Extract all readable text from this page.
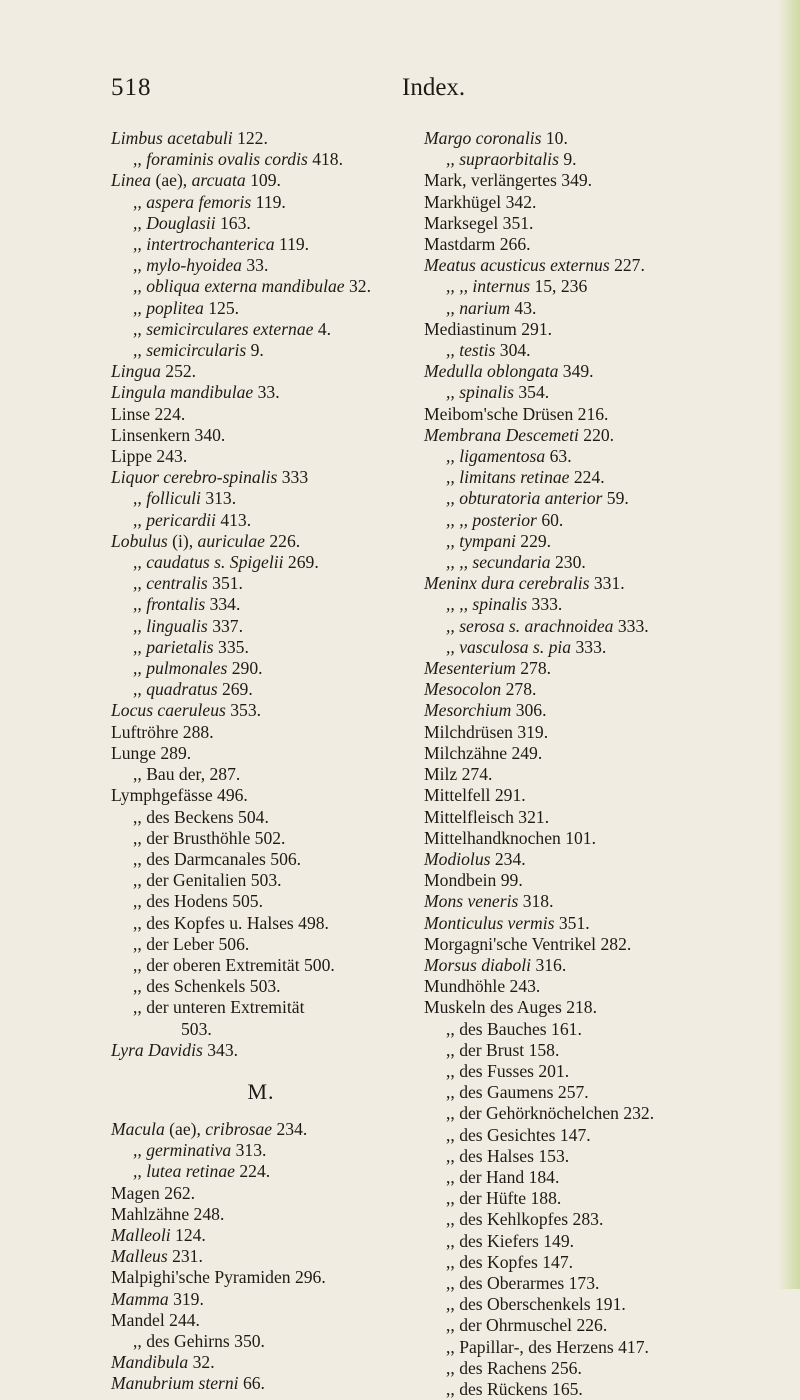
518	Index.
Limbus acetabuli 122.
,, foraminis ovalis cordis 418.
Linea (ae), arcuata 109.
,, aspera femoris 119.
,, Douglasii 163.
,, intertrochanterica 119.
,, mylo-hyoidea 33.
,, obliqua externa mandibulae 32.
,, poplitea 125.
,, semicirculares externae 4.
,, semicircularis 9.
Lingua 252.
Lingula mandibulae 33.
Linse 224.
Linsenkern 340.
Lippe 243.
Liquor cerebro-spinalis 333
,, folliculi 313.
,, pericardii 413.
Lobulus (i), auriculae 226.
,, caudatus s. Spigelii 269.
,, centralis 351.
,, frontalis 334.
,, lingualis 337.
,, parietalis 335.
,, pulmonales 290.
,, quadratus 269.
Locus caeruleus 353.
Luftröhre 288.
Lunge 289.
,, Bau der, 287.
Lymphgefässe 496.
,, des Beckens 504.
,, der Brusthöhle 502.
,, des Darmcanales 506.
,, der Genitalien 503.
,, des Hodens 505.
,, des Kopfes u. Halses 498.
,, der Leber 506.
,, der oberen Extremität 500.
,, des Schenkels 503.
,, der unteren Extremität
503.
Lyra Davidis 343.
M.
Macula (ae), cribrosae 234.
,, germinativa 313.
,, lutea retinae 224.
Magen 262.
Mahlzähne 248.
Malleoli 124.
Malleus 231.
Malpighi'sche Pyramiden 296.
Mamma 319.
Mandel 244.
,, des Gehirns 350.
Mandibula 32.
Manubrium sterni 66.
Margo coronalis 10.
,, supraorbitalis 9.
Mark, verlängertes 349.
Markhügel 342.
Marksegel 351.
Mastdarm 266.
Meatus acusticus externus 227.
,, ,, internus 15, 236
,, narium 43.
Mediastinum 291.
,, testis 304.
Medulla oblongata 349.
,, spinalis 354.
Meibom'sche Drüsen 216.
Membrana Descemeti 220.
,, ligamentosa 63.
,, limitans retinae 224.
,, obturatoria anterior 59.
,, ,, posterior 60.
,, tympani 229.
,, ,, secundaria 230.
Meninx dura cerebralis 331.
,, ,, spinalis 333.
,, serosa s. arachnoidea 333.
,, vasculosa s. pia 333.
Mesenterium 278.
Mesocolon 278.
Mesorchium 306.
Milchdrüsen 319.
Milchzähne 249.
Milz 274.
Mittelfell 291.
Mittelfleisch 321.
Mittelhandknochen 101.
Modiolus 234.
Mondbein 99.
Mons veneris 318.
Monticulus vermis 351.
Morgagni'sche Ventrikel 282.
Morsus diaboli 316.
Mundhöhle 243.
Muskeln des Auges 218.
,, des Bauches 161.
,, der Brust 158.
,, des Fusses 201.
,, des Gaumens 257.
,, der Gehörknöchelchen 232.
,, des Gesichtes 147.
,, des Halses 153.
,, der Hand 184.
,, der Hüfte 188.
,, des Kehlkopfes 283.
,, des Kiefers 149.
,, des Kopfes 147.
,, des Oberarmes 173.
,, des Oberschenkels 191.
,, der Ohrmuschel 226.
,, Papillar-, des Herzens 417.
,, des Rachens 256.
,, des Rückens 165.
